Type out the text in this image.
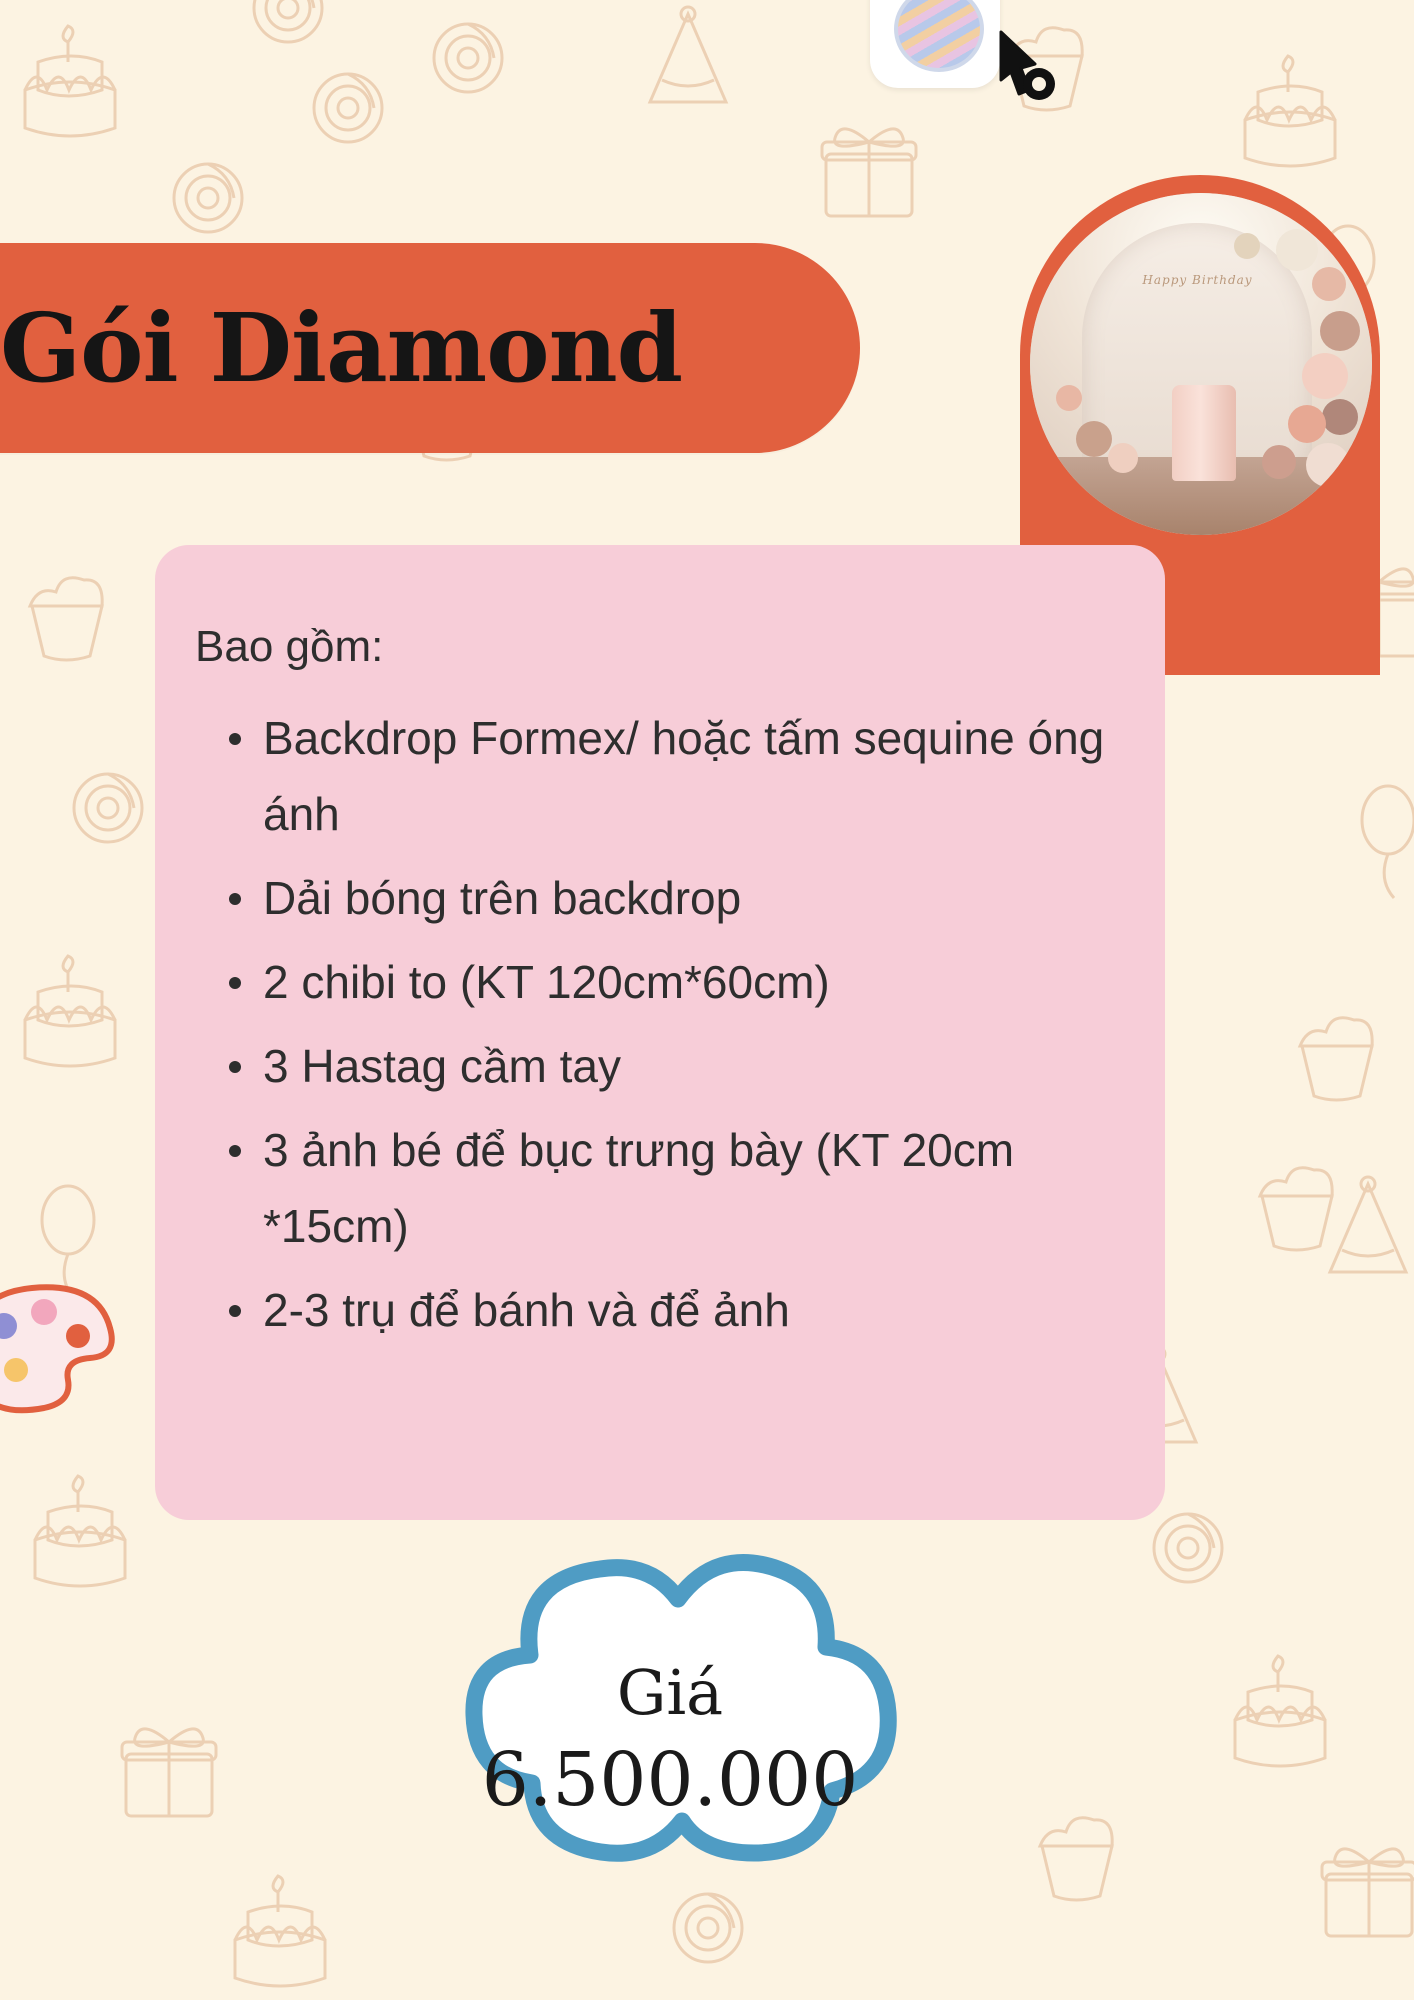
Gói Diamond
Happy Birthday
Bao gồm:
Backdrop Formex/ hoặc tấm sequine óng ánh
Dải bóng trên backdrop
2 chibi to (KT 120cm*60cm)
3 Hastag cầm tay
3 ảnh bé để bục trưng bày (KT 20cm *15cm)
2-3 trụ để bánh và để ảnh
Giá
6.500.000
